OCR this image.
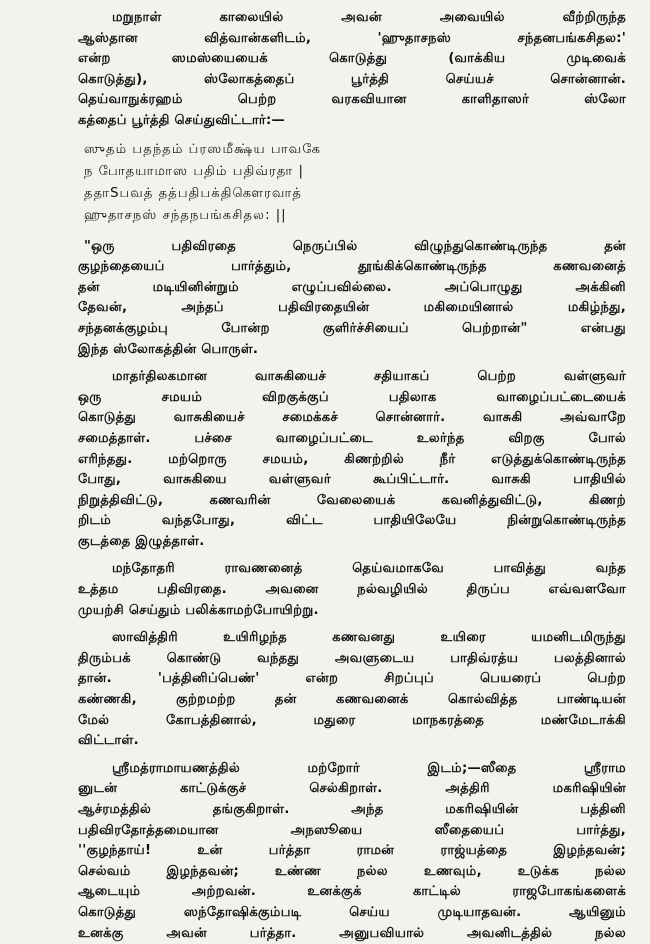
மறுநாள் காலையில் அவன் அவையில் வீற்றிருந்த
ஆஸ்தான வித்வான்களிடம், 'ஹுதாசநஸ் சந்தனபங்கசிதல:'
என்ற ஸமஸ்யையைக் கொடுத்து (வாக்கிய முடிவைக்
கொடுத்து), ஸ்லோகத்தைப் பூர்த்தி செய்யச் சொன்னான்.
தெய்வாநுக்ரஹம் பெற்ற வரகவியான காளிதாஸர் ஸ்லோ
கத்தைப் பூர்த்தி செய்துவிட்டார்:—
ஸுதம் பதந்தம் ப்ரஸமீக்ஷ்ய பாவகே
ந போதயாமாஸ பதிம் பதிவ்ரதா |
ததாSபவத் தத்பதிபக்திகௌரவாத்
ஹுதாசநஸ் சந்தநபங்கசிதல: ||
"ஒரு பதிவிரதை நெருப்பில் விழுந்துகொண்டிருந்த தன்
குழந்தையைப் பார்த்தும், தூங்கிக்கொண்டிருந்த கணவனைத்
தன் மடியினின்றும் எழுப்பவில்லை. அப்பொழுது அக்கினி
தேவன், அந்தப் பதிவிரதையின் மகிமையினால் மகிழ்ந்து,
சந்தனக்குழம்பு போன்ற குளிர்ச்சியைப் பெற்றான்" என்பது
இந்த ஸ்லோகத்தின் பொருள்.
மாதர்திலகமான வாசுகியைச் சதியாகப் பெற்ற வள்ளுவர்
ஒரு சமயம் விறகுக்குப் பதிலாக வாழைப்பட்டையைக்
கொடுத்து வாசுகியைச் சமைக்கச் சொன்னார். வாசுகி அவ்வாறே
சமைத்தாள். பச்சை வாழைப்பட்டை உலர்ந்த விறகு போல்
எரிந்தது. மற்றொரு சமயம், கிணற்றில் நீர் எடுத்துக்கொண்டிருந்த
போது, வாசுகியை வள்ளுவர் கூப்பிட்டார். வாசுகி பாதியில்
நிறுத்திவிட்டு, கணவரின் வேலையைக் கவனித்துவிட்டு, கிணற்
றிடம் வந்தபோது, விட்ட பாதியிலேயே நின்றுகொண்டிருந்த
குடத்தை இழுத்தாள்.
மந்தோதரி ராவணனைத் தெய்வமாகவே பாவித்து வந்த
உத்தம பதிவிரதை. அவனை நல்வழியில் திருப்ப எவ்வளவோ
முயற்சி செய்தும் பலிக்காமற்போயிற்று.
ஸாவித்திரி உயிரிழந்த கணவனது உயிரை யமனிடமிருந்து
திரும்பக் கொண்டு வந்தது அவளுடைய பாதிவ்ரத்ய பலத்தினால்
தான். 'பத்தினிப்பெண்' என்ற சிறப்புப் பெயரைப் பெற்ற
கண்ணகி, குற்றமற்ற தன் கணவனைக் கொல்வித்த பாண்டியன்
மேல் கோபத்தினால், மதுரை மாநகரத்தை மண்மேடாக்கி
விட்டாள்.
ஸ்ரீமத்ராமாயணத்தில் மற்றோர் இடம்;—ஸீதை ஸ்ரீராம
னுடன் காட்டுக்குச் செல்கிறாள். அத்திரி மகரிஷியின்
ஆச்ரமத்தில் தங்குகிறாள். அந்த மகரிஷியின் பத்தினி
பதிவிரதோத்தமையான அநஸூயை ஸீதையைப் பார்த்து,
''குழந்தாய்! உன் பர்த்தா ராமன் ராஜ்யத்தை இழந்தவன்;
செல்வம் இழந்தவன்; உண்ண நல்ல உணவும், உடுக்க நல்ல
ஆடையும் அற்றவன். உனக்குக் காட்டில் ராஜபோகங்களைக்
கொடுத்து ஸந்தோஷிக்கும்படி செய்ய முடியாதவன். ஆயினும்
உனக்கு அவன் பர்த்தா. அனுபவியால் அவனிடத்தில் நல்ல
